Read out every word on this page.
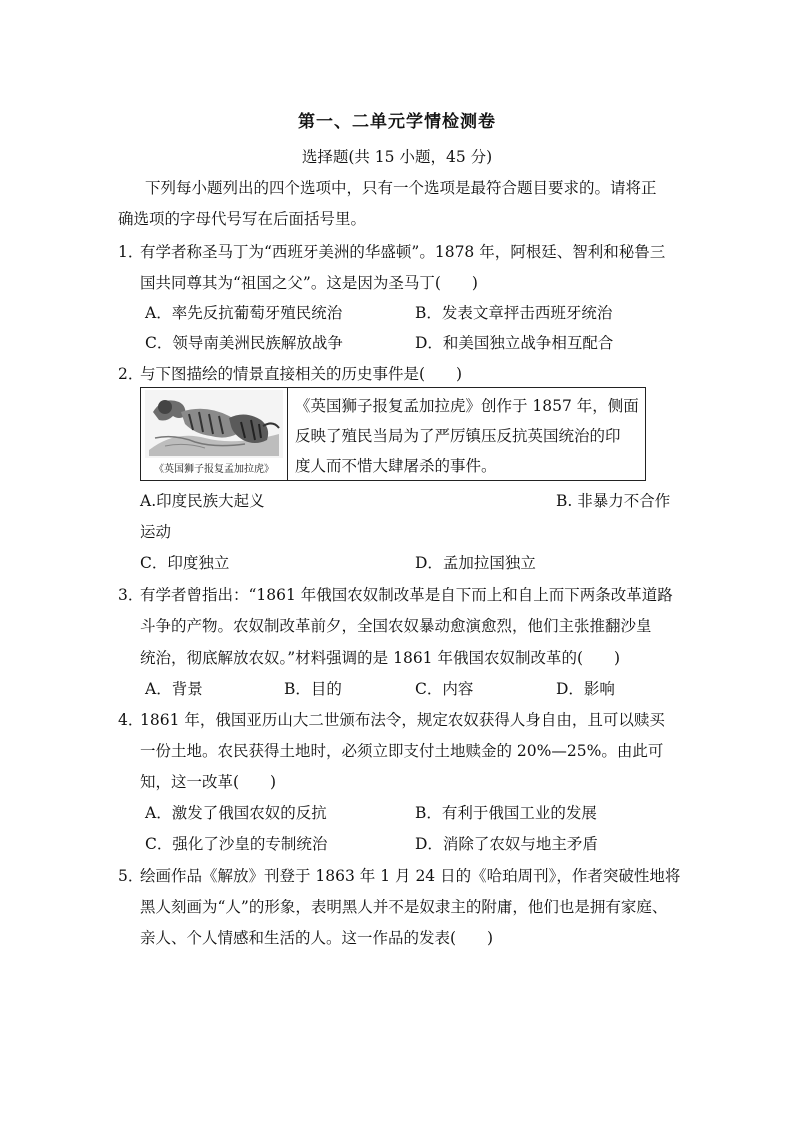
第一、二单元学情检测卷
选择题(共 15 小题，45 分)
下列每小题列出的四个选项中，只有一个选项是最符合题目要求的。请将正
确选项的字母代号写在后面括号里。
1．
有学者称圣马丁为“西班牙美洲的华盛顿”。1878 年，阿根廷、智利和秘鲁三
国共同尊其为“祖国之父”。这是因为圣马丁(　　)
A．率先反抗葡萄牙殖民统治	B．发表文章抨击西班牙统治
C．领导南美洲民族解放战争	D．和美国独立战争相互配合
2．
与下图描绘的情景直接相关的历史事件是(　　)
《英国狮子报复孟加拉虎》
《英国狮子报复孟加拉虎》创作于 1857 年，侧面
反映了殖民当局为了严厉镇压反抗英国统治的印
度人而不惜大肆屠杀的事件。
A.印度民族大起义	B. 非暴力不合作
运动
C．印度独立	D．孟加拉国独立
3．
有学者曾指出：“1861 年俄国农奴制改革是自下而上和自上而下两条改革道路
斗争的产物。农奴制改革前夕，全国农奴暴动愈演愈烈，他们主张推翻沙皇
统治，彻底解放农奴。”材料强调的是 1861 年俄国农奴制改革的(　　)
A．背景	B．目的	C．内容	D．影响
4．
1861 年，俄国亚历山大二世颁布法令，规定农奴获得人身自由，且可以赎买
一份土地。农民获得土地时，必须立即支付土地赎金的 20%—25%。由此可
知，这一改革(　　)
A．激发了俄国农奴的反抗	B．有利于俄国工业的发展
C．强化了沙皇的专制统治	D．消除了农奴与地主矛盾
5．
绘画作品《解放》刊登于 1863 年 1 月 24 日的《哈珀周刊》，作者突破性地将
黑人刻画为“人”的形象，表明黑人并不是奴隶主的附庸，他们也是拥有家庭、
亲人、个人情感和生活的人。这一作品的发表(　　)
